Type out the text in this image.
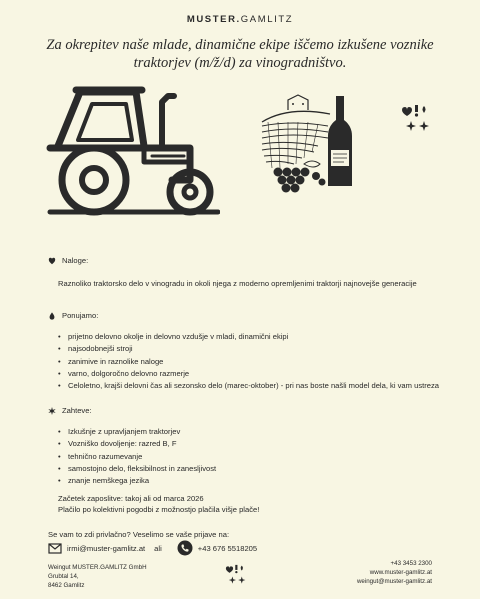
MUSTER.GAMLITZ
Za okrepitev naše mlade, dinamične ekipe iščemo izkušene voznike traktorjev (m/ž/d) za vinogradništvo.
Naloge:
Raznoliko traktorsko delo v vinogradu in okoli njega z moderno opremljenimi traktorji najnovejše generacije
Ponujamo:
• prijetno delovno okolje in delovno vzdušje v mladi, dinamični ekipi
• najsodobnejši stroji
• zanimive in raznolike naloge
• varno, dolgoročno delovno razmerje
• Celoletno, krajši delovni čas ali sezonsko delo (marec-oktober) - pri nas boste našli model dela, ki vam ustreza
Zahteve:
• Izkušnje z upravljanjem traktorjev
• Vozniško dovoljenje: razred B, F
• tehnično razumevanje
• samostojno delo, fleksibilnost in zanesljivost
• znanje nemškega jezika
Začetek zaposlitve: takoj ali od marca 2026
Plačilo po kolektivni pogodbi z možnostjo plačila višje plače!
Se vam to zdi privlačno? Veselimo se vaše prijave na:
irmi@muster-gamlitz.at ali	+43 676 5518205
Weingut MUSTER.GAMLITZ GmbH
Grubtal 14,
8462 Gamlitz
+43 3453 2300
www.muster-gamlitz.at
weingut@muster-gamlitz.at
